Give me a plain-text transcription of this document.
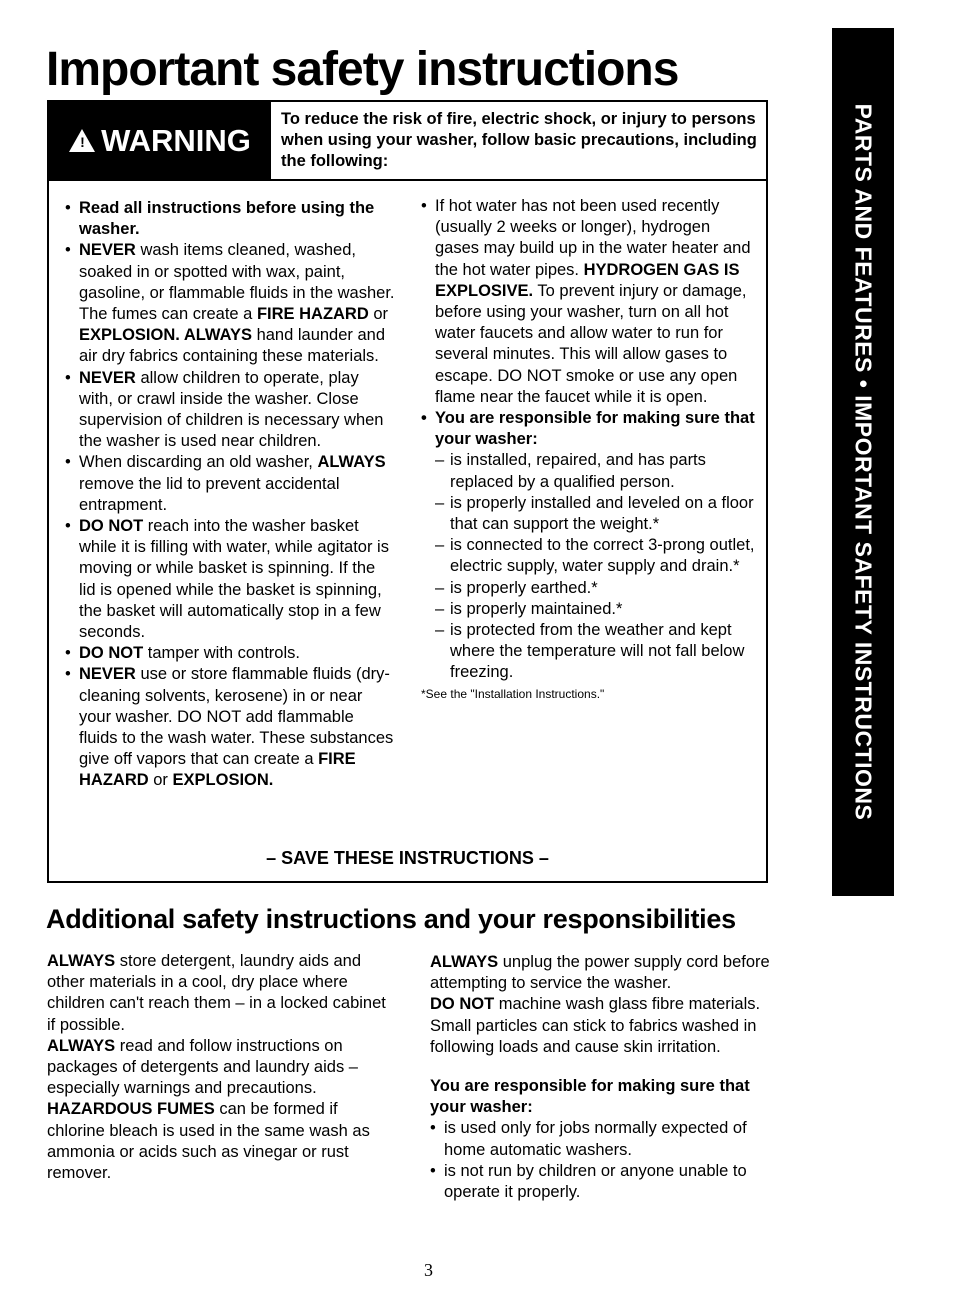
Important safety instructions
PARTS AND FEATURES • IMPORTANT SAFETY INSTRUCTIONS
! WARNING
To reduce the risk of fire, electric shock, or injury to persons when using your washer, follow basic precautions, including the following:

• Read all instructions before using the washer.

• NEVER wash items cleaned, washed, soaked in or spotted with wax, paint, gasoline, or flammable fluids in the washer. The fumes can create a FIRE HAZARD or EXPLOSION. ALWAYS hand launder and air dry fabrics containing these materials.

• NEVER allow children to operate, play with, or crawl inside the washer. Close supervision of children is necessary when the washer is used near children.

• When discarding an old washer, ALWAYS remove the lid to prevent accidental entrapment.

• DO NOT reach into the washer basket while it is filling with water, while agitator is moving or while basket is spinning. If the lid is opened while the basket is spinning, the basket will automatically stop in a few seconds.

• DO NOT tamper with controls.

• NEVER use or store flammable fluids (dry-cleaning solvents, kerosene) in or near your washer. DO NOT add flammable fluids to the wash water. These substances give off vapors that can create a FIRE HAZARD or EXPLOSION.

• If hot water has not been used recently (usually 2 weeks or longer), hydrogen gases may build up in the water heater and the hot water pipes. HYDROGEN GAS IS EXPLOSIVE. To prevent injury or damage, before using your washer, turn on all hot water faucets and allow water to run for several minutes. This will allow gases to escape. DO NOT smoke or use any open flame near the faucet while it is open.

• You are responsible for making sure that your washer:

– is installed, repaired, and has parts replaced by a qualified person.

– is properly installed and leveled on a floor that can support the weight.*

– is connected to the correct 3-prong outlet, electric supply, water supply and drain.*

– is properly earthed.*

– is properly maintained.*

– is protected from the weather and kept where the temperature will not fall below freezing.

*See the "Installation Instructions."

– SAVE THESE INSTRUCTIONS –
Additional safety instructions and your responsibilities

ALWAYS store detergent, laundry aids and other materials in a cool, dry place where children can't reach them – in a locked cabinet if possible.

ALWAYS read and follow instructions on packages of detergents and laundry aids – especially warnings and precautions.

HAZARDOUS FUMES can be formed if chlorine bleach is used in the same wash as ammonia or acids such as vinegar or rust remover.

ALWAYS unplug the power supply cord before attempting to service the washer.

DO NOT machine wash glass fibre materials. Small particles can stick to fabrics washed in following loads and cause skin irritation.

You are responsible for making sure that your washer:

• is used only for jobs normally expected of home automatic washers.

• is not run by children or anyone unable to operate it properly.

3
